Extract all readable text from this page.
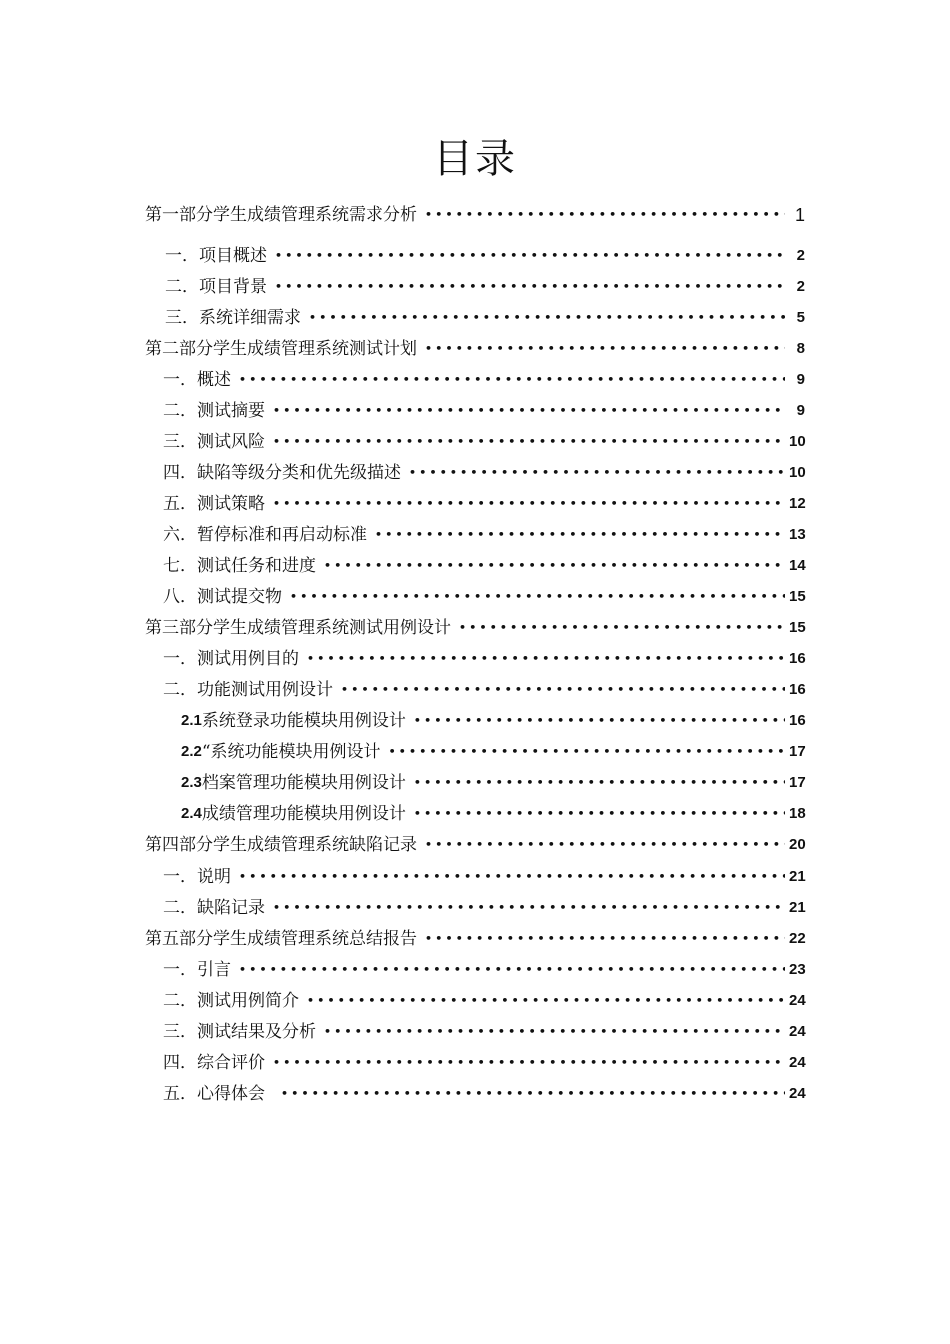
目录
第一部分 学生成绩管理系统需求分析 •••••	1
一． 项目概述 •••••	2
二． 项目背景 •••••	2
三． 系统详细需求 •••••	5
第二部分 学生成绩管理系统测试计划 •••••	8
一． 概述 •••••	9
二． 测试摘要 •••••	9
三． 测试风险 •••••	10
四． 缺陷等级分类和优先级描述 •••••	10
五． 测试策略 •••••	12
六． 暂停标准和再启动标准 •••••	13
七． 测试任务和进度 •••••	14
八． 测试提交物 •••••	15
第三部分 学生成绩管理系统测试用例设计 •••••	15
一． 测试用例目的 •••••	16
二． 功能测试用例设计 •••••	16
2.1 系统登录功能模块用例设计 •••••	16
2.2 “系统功能模块用例设计 •••••	17
2.3 档案管理功能模块用例设计 •••••	17
2.4 成绩管理功能模块用例设计 •••••	18
第四部分 学生成绩管理系统缺陷记录 •••••	20
一． 说明 •••••	21
二． 缺陷记录 •••••	21
第五部分 学生成绩管理系统总结报告 •••••	22
一． 引言 •••••	23
二． 测试用例简介 •••••	24
三． 测试结果及分析 •••••	24
四． 综合评价 •••••	24
五． 心得体会 •••••	24
